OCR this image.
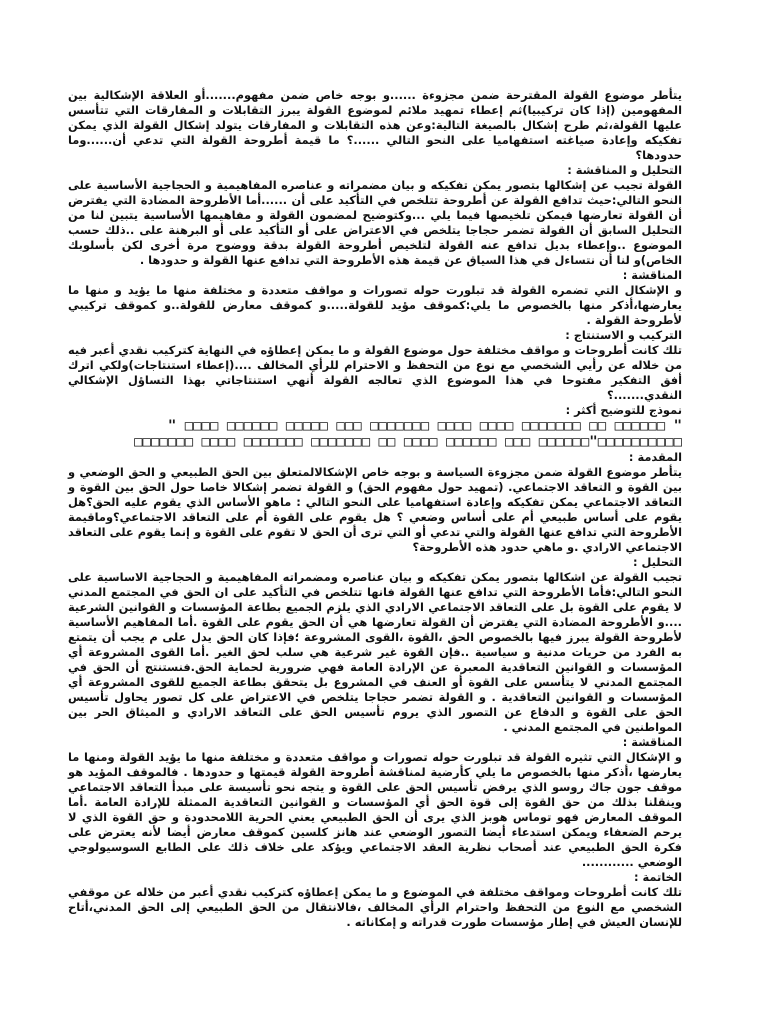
يتأطر موضوع القولة المقترحة ضمن مجزوءة ......و بوجه خاص ضمن مفهوم.......أو العلاقة الإشكالية بين المفهومين (إذا كان تركيبيا)ثم إعطاء تمهيد ملائم لموضوع القولة يبرز التقابلات و المفارقات التي تتأسس عليها القولة،ثم طرح إشكال بالصيغة التالية:وعن هذه التقابلات و المفارقات يتولد إشكال القولة الذي يمكن تفكيكه وإعادة صياغته استفهاميا على النحو التالي ......؟ ما قيمة أطروحة القولة التي تدعي أن......وما حدودها؟

التحليل و المناقشة :

القولة تجيب عن إشكالها بتصور يمكن تفكيكه و بيان مضمراته و عناصره المفاهيمية و الحجاجية الأساسية على النحو التالي:حيث تدافع القولة عن أطروحة تتلخص في التأكيد على أن ......أما الأطروحة المضادة التي يفترض أن القولة تعارضها فيمكن تلخيصها فيما يلي ...وكتوضيح لمضمون القولة و مفاهيمها الأساسية يتبين لنا من التحليل السابق أن القولة تضمر حجاجا يتلخص في الاعتراض على أو التأكيد على أو البرهنة على ..ذلك حسب الموضوع ..وإعطاء بديل تدافع عنه القولة لتلخيص أطروحة القولة بدقة ووضوح مرة أخرى لكن بأسلوبك الخاص)و لنا أن نتساءل في هذا السياق عن قيمة هذه الأطروحة التي تدافع عنها القولة و حدودها .

المناقشة :

و الإشكال التي تضمره القولة قد تبلورت حوله تصورات و مواقف متعددة و مختلفة منها ما يؤيد و منها ما يعارضها،أذكر منها بالخصوص ما يلي:كموقف مؤيد للقولة.....و كموقف معارض للقولة..و كموقف تركيبي لأطروحة القولة .

التركيب و الاستنتاج :

تلك كانت أطروحات و مواقف مختلفة حول موضوع القولة و ما يمكن إعطاؤه في النهاية كتركيب نقدي أعبر فيه من خلاله عن رأيي الشخصي مع نوع من التحفظ و الاحترام للرأي المخالف ....(إعطاء استنتاجات)ولكي اترك أفق التفكير مفتوحا في هذا الموضوع الذي تعالجه القولة أنهي استنتاجاتي بهذا التساؤل الإشكالي النقدي.......؟

نموذج للتوضيح أكثر :

" □□□□□□ □□ □□□□□□□ □□□□ □□□□ □□□□□□□ □□□ □□□□□ □□□□□□ □□□□ "

□□□□□□□□□□"□□□□□□ □□□ □□□□□□ □□□□ □□ □□□□□□□ □□□□□□□ □□□□ □□□□□□□

المقدمة :

يتأطر موضوع القولة ضمن مجزوءة السياسة و بوجه خاص الإشكالالمتعلق بين الحق الطبيعي و الحق الوضعي و بين القوة و التعاقد الاجتماعي. (تمهيد حول مفهوم الحق) و القولة تضمر إشكالا خاصا حول الحق بين القوة و التعاقد الاجتماعي يمكن تفكيكه وإعادة استفهاميا على النحو التالي : ماهو الأساس الذي يقوم عليه الحق؟هل يقوم على أساس طبيعي أم على أساس وضعي ؟ هل يقوم على القوة أم على التعاقد الاجتماعي؟وماقيمة الأطروحة التي تدافع عنها القولة والتي تدعي أو التي ترى أن الحق لا تقوم على القوة و إنما يقوم على التعاقد الاجتماعي الارادي .و ماهي حدود هذه الأطروحة؟

التحليل :

تجيب القولة عن اشكالها بتصور يمكن تفكيكه و بيان عناصره ومضمراته المفاهيمية و الحجاجية الاساسية على النحو التالي:فأما الأطروحة التي تدافع عنها القولة فانها تتلخص في التأكيد على ان الحق في المجتمع المدني لا يقوم على القوة بل على التعاقد الاجتماعي الارادي الذي يلزم الجميع بطاعة المؤسسات و القوانين الشرعية ....و الأطروحة المضادة التي يفترض أن القولة تعارضها هي أن الحق يقوم على القوة .أما المفاهيم الأساسية لأطروحة القولة يبرز فيها بالخصوص الحق ،القوة ،القوى المشروعة ؛فإذا كان الحق يدل على م يجب أن يتمتع به الفرد من حريات مدنية و سياسية ..فإن القوة غير شرعية هي سلب لحق الغير .أما القوى المشروعة أي المؤسسات و القوانين التعاقدية المعبرة عن الإرادة العامة فهي ضرورية لحماية الحق.فنستنتج أن الحق في المجتمع المدني لا يتأسس على القوة أو العنف في المشروع بل يتحقق بطاعة الجميع للقوى المشروعة أي المؤسسات و القوانين التعاقدية . و القولة تضمر حجاجا يتلخص في الاعتراض على كل تصور يحاول تأسيس الحق على القوة و الدفاع عن التصور الذي يروم تأسيس الحق على التعاقد الارادي و الميثاق الحر بين المواطنين في المجتمع المدني .

المناقشة :

و الإشكال التي تثيره القولة قد تبلورت حوله تصورات و مواقف متعددة و مختلفة منها ما يؤيد القولة ومنها ما يعارضها ،أذكر منها بالخصوص ما يلي كأرضية لمناقشة أطروحة القولة قيمتها و حدودها . فالموقف المؤيد هو موقف جون جاك روسو الذي يرفض تأسيس الحق على القوة و يتجه نحو تأسيسة على مبدأ التعاقد الاجتماعي وينقلنا بذلك من حق القوة إلى قوة الحق أي المؤسسات و القوانين التعاقدية الممثلة للإرادة العامة .أما الموقف المعارض فهو توماس هوبز الذي يرى أن الحق الطبيعي يعني الحرية اللامحدودة و حق القوة الذي لا يرحم الضعفاء ويمكن استدعاء أيضا التصور الوضعي عند هانز كلسين كموقف معارض أيضا لأنه يعترض على فكرة الحق الطبيعي عند أصحاب نظرية العقد الاجتماعي ويؤكد على خلاف ذلك على الطابع السوسيولوجي الوضعي ............

الخاتمة :

تلك كانت أطروحات ومواقف مختلفة في الموضوع و ما يمكن إعطاؤه كتركيب نقدي أعبر من خلاله عن موقفي الشخصي مع النوع من التحفظ واحترام الرأي المخالف ،فالانتقال من الحق الطبيعي إلى الحق المدني،أتاح للإنسان العيش في إطار مؤسسات طورت قدراته و إمكاناته .
